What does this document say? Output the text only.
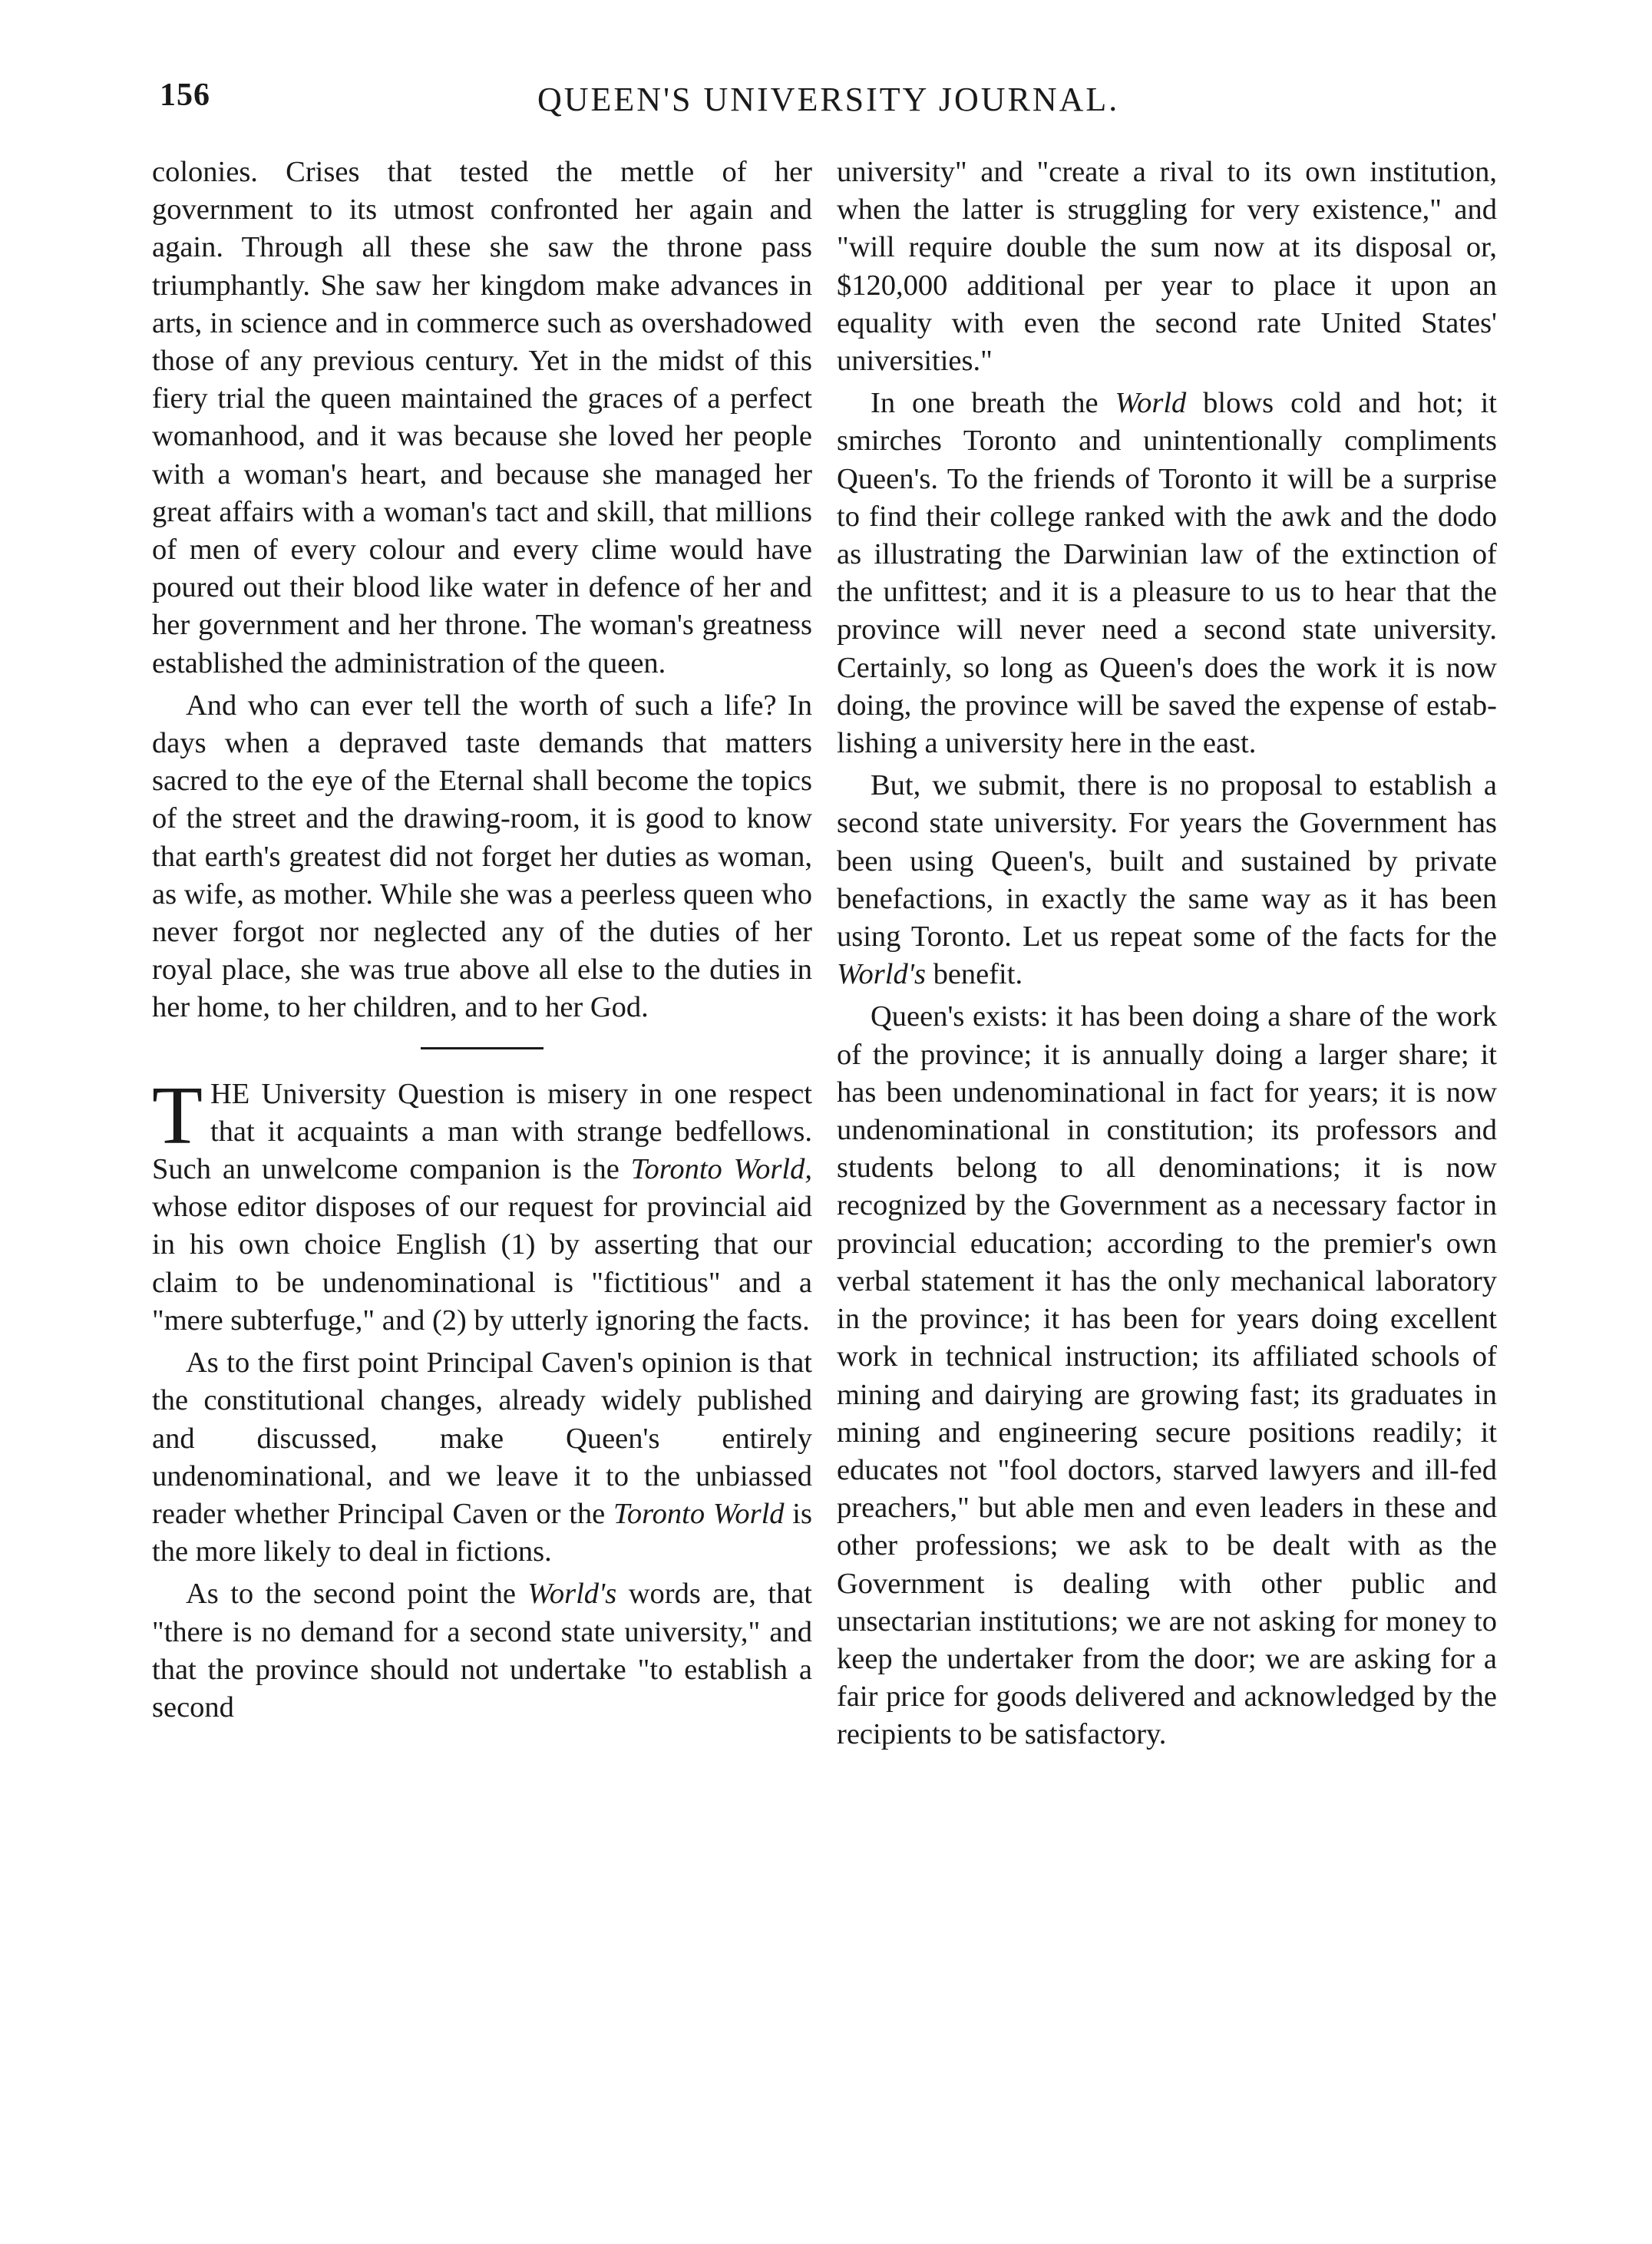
156	QUEEN'S UNIVERSITY JOURNAL.

colonies. Crises that tested the mettle of her government to its utmost confronted her again and again. Through all these she saw the throne pass triumphantly. She saw her kingdom make advances in arts, in science and in commerce such as overshadowed those of any previous century. Yet in the midst of this fiery trial the queen maintained the graces of a perfect womanhood, and it was because she loved her people with a woman's heart, and because she managed her great affairs with a woman's tact and skill, that millions of men of every colour and every clime would have poured out their blood like water in defence of her and her government and her throne. The woman's greatness established the administration of the queen.

And who can ever tell the worth of such a life? In days when a depraved taste demands that matters sacred to the eye of the Eternal shall become the topics of the street and the drawing-room, it is good to know that earth's greatest did not forget her duties as woman, as wife, as mother. While she was a peerless queen who never forgot nor neglected any of the duties of her royal place, she was true above all else to the duties in her home, to her children, and to her God.

THE University Question is misery in one respect that it acquaints a man with strange bedfellows. Such an unwelcome companion is the Toronto World, whose editor disposes of our request for provincial aid in his own choice English (1) by asserting that our claim to be undenominational is "fictitious" and a "mere subterfuge," and (2) by utterly ignoring the facts.

As to the first point Principal Caven's opinion is that the constitutional changes, already widely published and discussed, make Queen's entirely undenominational, and we leave it to the unbiassed reader whether Principal Caven or the Toronto World is the more likely to deal in fictions.

As to the second point the World's words are, that "there is no demand for a second state university," and that the province should not undertake "to establish a second

university" and "create a rival to its own institution, when the latter is struggling for very existence," and "will require double the sum now at its disposal or, $120,000 additional per year to place it upon an equality with even the second rate United States' universities."

In one breath the World blows cold and hot; it smirches Toronto and unintentionally compliments Queen's. To the friends of Toronto it will be a surprise to find their college ranked with the awk and the dodo as illustrating the Darwinian law of the extinction of the unfittest; and it is a pleasure to us to hear that the province will never need a second state university. Certainly, so long as Queen's does the work it is now doing, the province will be saved the expense of establishing a university here in the east.

But, we submit, there is no proposal to establish a second state university. For years the Government has been using Queen's, built and sustained by private benefactions, in exactly the same way as it has been using Toronto. Let us repeat some of the facts for the World's benefit.

Queen's exists: it has been doing a share of the work of the province; it is annually doing a larger share; it has been undenominational in fact for years; it is now undenominational in constitution; its professors and students belong to all denominations; it is now recognized by the Government as a necessary factor in provincial education; according to the premier's own verbal statement it has the only mechanical laboratory in the province; it has been for years doing excellent work in technical instruction; its affiliated schools of mining and dairying are growing fast; its graduates in mining and engineering secure positions readily; it educates not "fool doctors, starved lawyers and ill-fed preachers," but able men and even leaders in these and other professions; we ask to be dealt with as the Government is dealing with other public and unsectarian institutions; we are not asking for money to keep the undertaker from the door; we are asking for a fair price for goods delivered and acknowledged by the recipients to be satisfactory.
